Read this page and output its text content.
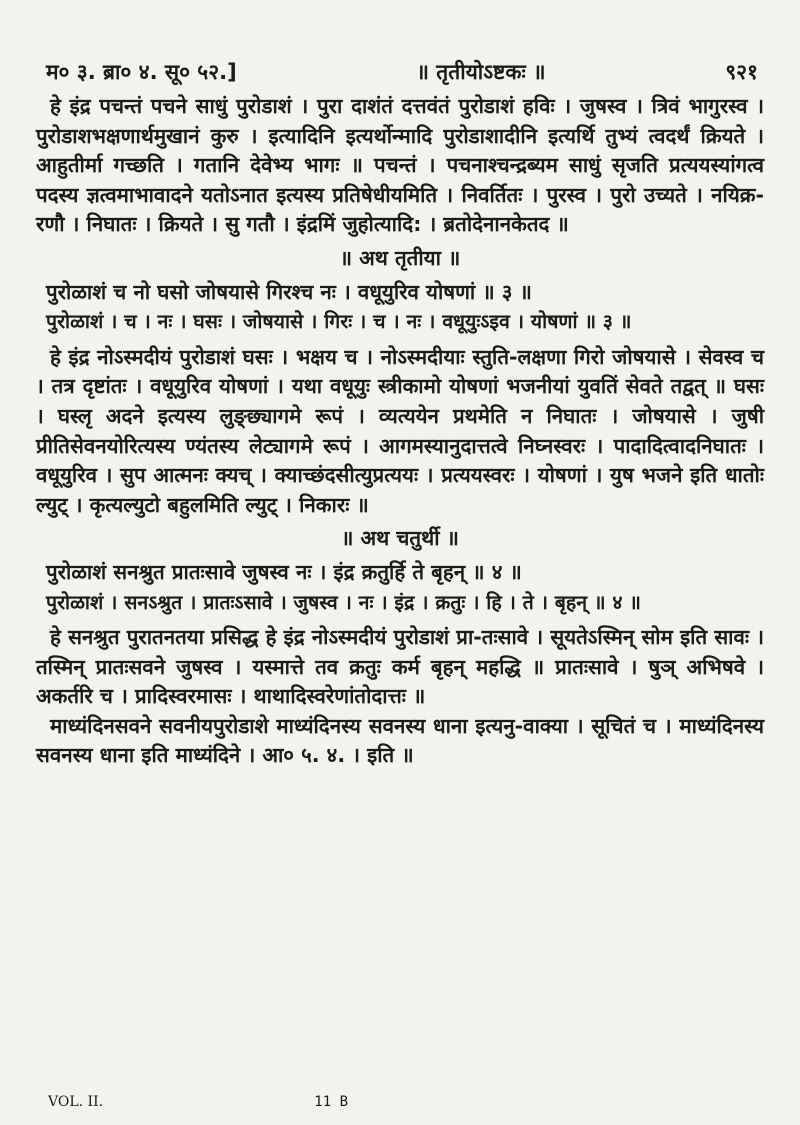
म० ३. ब्रा० ४. सू० ५२.]	॥ तृतीयोऽष्टकः ॥	९२१

हे इंद्र पचन्तं पचने साधुं पुरोडाशं । पुरा दाशंतं दत्तवंतं पुरोडाशं हविः । जुषस्व । त्रिवं भागुरस्व । पुरोडाशभक्षणार्थमुखानं कुरु । इत्यादिनि इत्यर्थोन्मादि पुरोडाशादीनि इत्यर्थि तुभ्यं त्वदर्थं क्रियते । आहुतीर्मा गच्छति । गतानि देवेभ्य भागः ॥ पचन्तं । पचनाश्चन्द्रब्यम साधुं सृजति प्रत्ययस्यांगत्व पदस्य ज्ञत्वमाभावादने यतोऽनात इत्यस्य प्रतिषेधीयमिति । निवर्तितः । पुरस्व । पुरो उच्यते । नयिक्र-रणौ । निघातः । क्रियते । सु गतौ । इंद्रमिं जुहोत्यादि: । ब्रतोदेनानकेतद ॥

॥ अथ तृतीया ॥

पुरोळाशं च नो घसो जोषयासे गिरश्च नः । वधूयुरिव योषणां ॥ ३ ॥

पुरोळाशं । च । नः । घसः । जोषयासे । गिरः । च । नः । वधूयुःऽइव । योषणां ॥ ३ ॥

हे इंद्र नोऽस्मदीयं पुरोडाशं घसः । भक्षय च । नोऽस्मदीयाः स्तुति-लक्षणा गिरो जोषयासे । सेवस्व च । तत्र दृष्टांतः । वधूयुरिव योषणां । यथा वधूयुः स्त्रीकामो योषणां भजनीयां युवतिं सेवते तद्वत् ॥ घसः । घस्लृ अदने इत्यस्य लुङ्छ्यागमे रूपं । व्यत्ययेन प्रथमेति न निघातः । जोषयासे । जुषी प्रीतिसेवनयोरित्यस्य ण्यंतस्य लेट्यागमे रूपं । आगमस्यानुदात्तत्वे निघ्नस्वरः । पादादित्वादनिघातः । वधूयुरिव । सुप आत्मनः क्यच् । क्याच्छंदसीत्युप्रत्ययः । प्रत्ययस्वरः । योषणां । युष भजने इति धातोः ल्युट् । कृत्यल्युटो बहुलमिति ल्युट् । निकारः ॥

॥ अथ चतुर्थी ॥

पुरोळाशं सनश्रुत प्रातःसावे जुषस्व नः । इंद्र क्रतुर्हि ते बृहन् ॥ ४ ॥

पुरोळाशं । सनऽश्रुत । प्रातःऽसावे । जुषस्व । नः । इंद्र । क्रतुः । हि । ते । बृहन् ॥ ४ ॥

हे सनश्रुत पुरातनतया प्रसिद्ध हे इंद्र नोऽस्मदीयं पुरोडाशं प्रा-तःसावे । सूयतेऽस्मिन् सोम इति सावः । तस्मिन् प्रातःसवने जुषस्व । यस्मात्ते तव क्रतुः कर्म बृहन् महद्धि ॥ प्रातःसावे । षुञ् अभिषवे । अकर्तरि च । प्रादिस्वरमासः । थाथादिस्वरेणांतोदात्तः ॥

माध्यंदिनसवने सवनीयपुरोडाशे माध्यंदिनस्य सवनस्य धाना इत्यनु-वाक्या । सूचितं च । माध्यंदिनस्य सवनस्य धाना इति माध्यंदिने । आ० ५. ४. । इति ॥

VOL. II.	11 B
